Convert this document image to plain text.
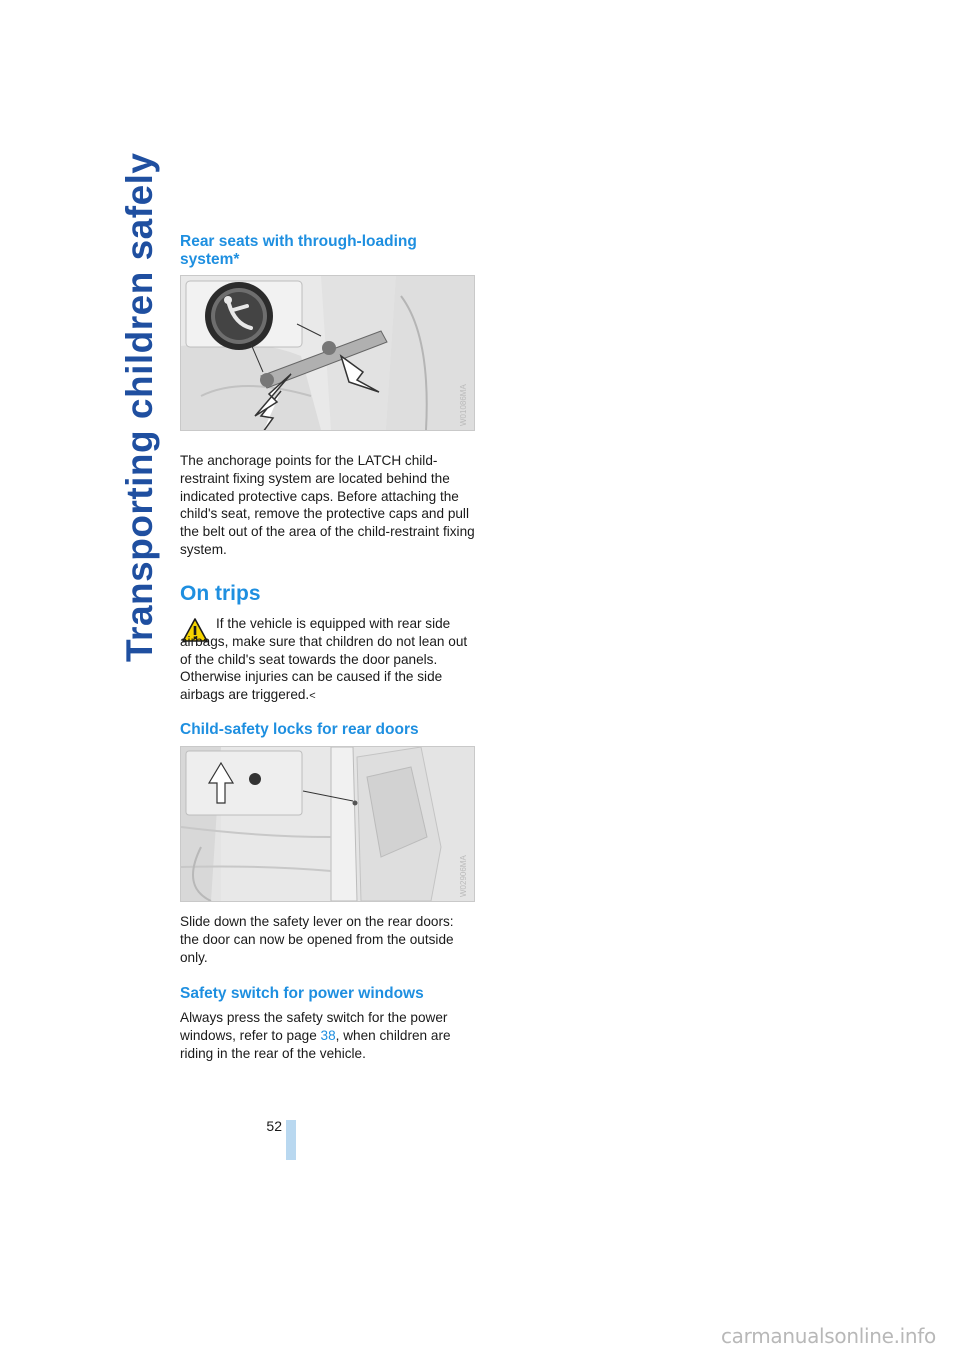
Transporting children safely Rear seats with through-loading system*
W01086MA
The anchorage points for the LATCH child-restraint fixing system are located behind the indicated protective caps. Before attaching the child's seat, remove the protective caps and pull the belt out of the area of the child-restraint fixing system.
On trips
If the vehicle is equipped with rear side airbags, make sure that children do not lean out of the child's seat towards the door panels. Otherwise injuries can be caused if the side airbags are triggered.<
Child-safety locks for rear doors
W02906MA
Slide down the safety lever on the rear doors: the door can now be opened from the outside only.
Safety switch for power windows
Always press the safety switch for the power windows, refer to page 38, when children are riding in the rear of the vehicle.
52
carmanualsonline.info
